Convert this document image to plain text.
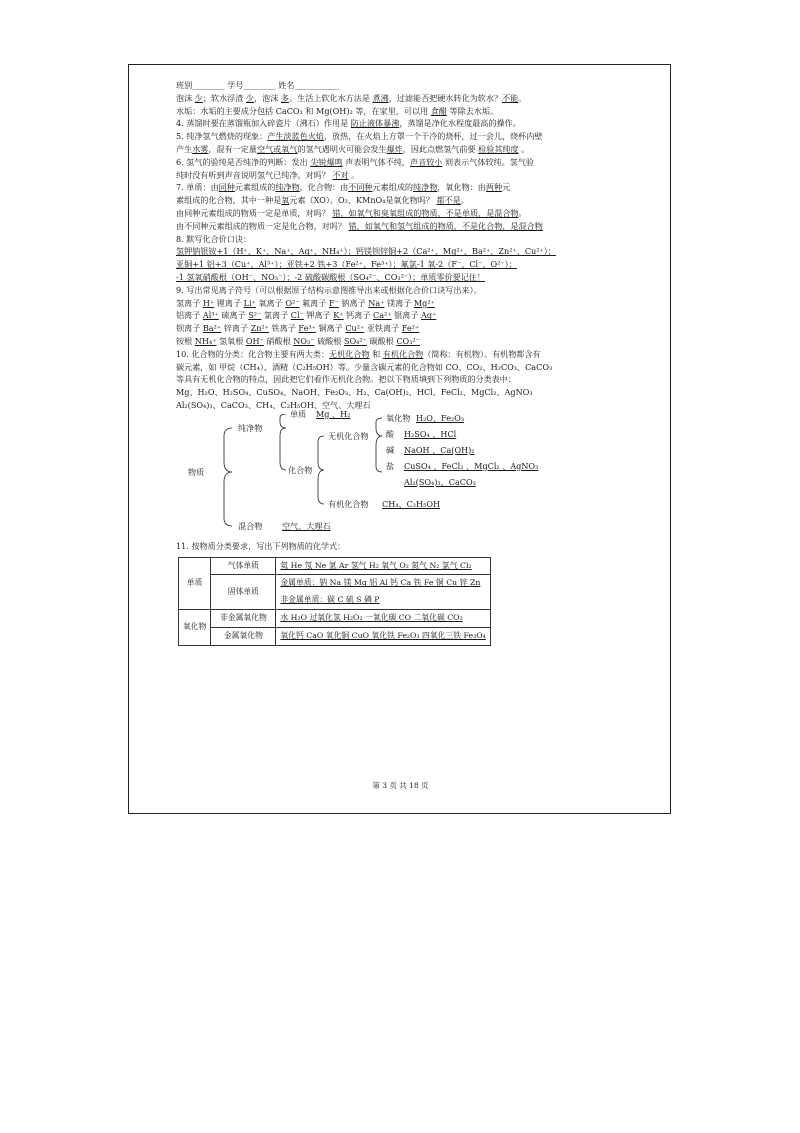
班别________ 学号________ 姓名___________
泡沫 少；软水浮渣 少，泡沫 多。生活上软化水方法是 煮沸，过滤能否把硬水转化为软水？不能。
水垢：水垢的主要成分包括 CaCO₃ 和 Mg(OH)₂ 等，在家里，可以用 食醋 等除去水垢。
4. 蒸馏时要在蒸馏瓶加入碎瓷片（沸石）作用是 防止液体暴沸，蒸馏是净化水程度最高的操作。
5. 纯净氢气燃烧的现象：产生淡蓝色火焰，放热，在火焰上方罩一个干冷的烧杯，过一会儿，烧杯内壁
产生水雾，混有一定量空气或氧气的氢气遇明火可能会发生爆炸，因此点燃氢气前要 检验其纯度 。
6. 氢气的验纯是否纯净的判断：发出 尖锐爆鸣 声表明气体不纯，声音较小 则表示气体较纯。氢气验
纯时没有听到声音说明氢气已纯净。对吗？ 不对 。
7. 单质：由同种元素组成的纯净物，化合物：由不同种元素组成的纯净物，氧化物：由两种元
素组成的化合物，其中一种是氧元素（XO）。O₂、KMnO₄是氧化物吗？ 都不是。
由同种元素组成的物质一定是单质，对吗？ 错，如氧气和臭氧组成的物质，不是单质，是混合物。
由不同种元素组成的物质一定是化合物，对吗？ 错，如氧气和氢气组成的物质，不是化合物，是混合物
8. 默写化合价口诀：
氢钾钠银铵+1（H⁺、K⁺、Na⁺、Ag⁺、NH₄⁺）；钙镁钡锌铜+2（Ca²⁺、Mg²⁺、Ba²⁺、Zn²⁺、Cu²⁺）；
亚铜+1 铝+3（Cu⁺、Al³⁺）；亚铁+2 铁+3（Fe²⁺、Fe³⁺）；氟氯-1 氧-2（F⁻、Cl⁻、O²⁻）；
-1 氢氧硝酸根（OH⁻、NO₃⁻）；-2 硫酸碳酸根（SO₄²⁻、CO₃²⁻）；单质零价要记住！
9. 写出常见离子符号（可以根据原子结构示意图推导出来或根据化合价口诀写出来）。
氢离子 H⁺ 锂离子 Li⁺ 氧离子 O²⁻ 氟离子 F⁻ 钠离子 Na⁺ 镁离子 Mg²⁺
铝离子 Al³⁺ 硫离子 S²⁻ 氯离子 Cl⁻ 钾离子 K⁺ 钙离子 Ca²⁺ 银离子 Ag⁺
钡离子 Ba²⁺ 锌离子 Zn²⁺ 铁离子 Fe³⁺ 铜离子 Cu²⁺ 亚铁离子 Fe²⁺
铵根 NH₄⁺ 氢氧根 OH⁻ 硝酸根 NO₃⁻ 硫酸根 SO₄²⁻ 碳酸根 CO₃²⁻
10. 化合物的分类：化合物主要有两大类：无机化合物 和 有机化合物（简称：有机物）。有机物都含有
碳元素，如 甲烷（CH₄）、酒精（C₂H₅OH）等。少量含碳元素的化合物如 CO、CO₂、H₂CO₃、CaCO₃
等具有无机化合物的特点，因此把它们看作无机化合物。把以下物质填到下列物质的分类表中：
Mg、H₂O、H₂SO₄、CuSO₄、NaOH、Fe₂O₃、H₂、Ca(OH)₂、HCl、FeCl₂、MgCl₂、AgNO₃
Al₂(SO₄)₃、CaCO₃、CH₄、C₂H₅OH、空气、大理石
物质
纯净物
混合物 空气、大理石
单质 Mg 、H₂
化合物
无机化合物
有机化合物 CH₄、C₂H₅OH
氧化物 H₂O、Fe₂O₃
酸 H₂SO₄ 、HCl
碱 NaOH 、Ca(OH)₂
盐 CuSO₄ 、FeCl₂ 、MgCl₂ 、AgNO₃
Al₂(SO₄)₃、CaCO₃
11. 按物质分类要求，写出下列物质的化学式：
单质	气体单质	氦 He 氖 Ne 氩 Ar 氢气 H₂ 氧气 O₂ 氮气 N₂ 氯气 Cl₂
	固体单质	金属单质：钠 Na 镁 Mg 铝 Al 钙 Ca 铁 Fe 铜 Cu 锌 Zn
		非金属单质：碳 C 硫 S 磷 P
氧化物	非金属氧化物	水 H₂O 过氧化氢 H₂O₂ 一氧化碳 CO 二氧化碳 CO₂
	金属氧化物	氧化钙 CaO 氧化铜 CuO 氧化铁 Fe₂O₃ 四氧化三铁 Fe₃O₄
第 3 页 共 18 页
